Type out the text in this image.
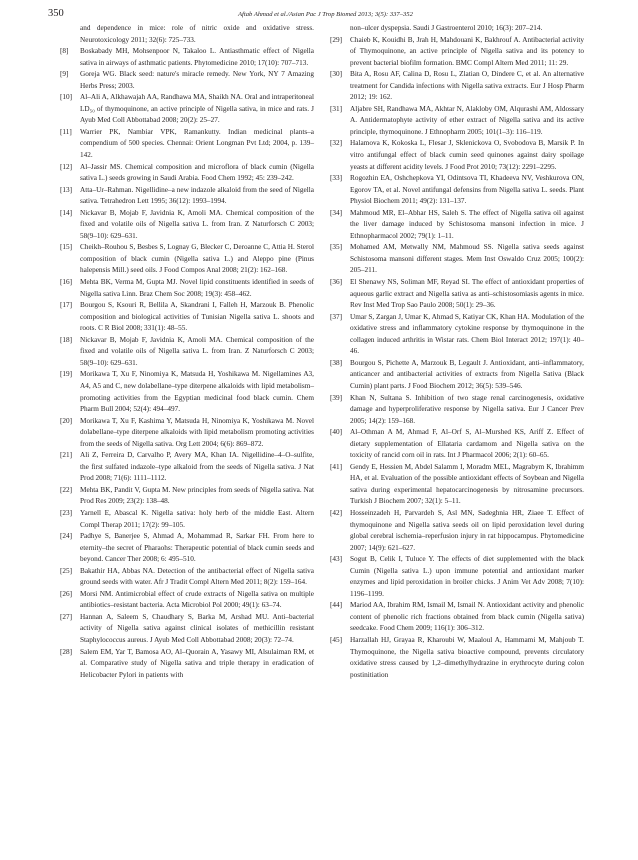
350	Aftab Ahmad et al./Asian Pac J Trop Biomed 2013; 3(5): 337–352

and dependence in mice: role of nitric oxide and oxidative stress. Neurotoxicology 2011; 32(6): 725–733.

[8] Boskabady MH, Mohsenpoor N, Takaloo L. Antiasthmatic effect of Nigella sativa in airways of asthmatic patients. Phytomedicine 2010; 17(10): 707–713.

[9] Goreja WG. Black seed: nature's miracle remedy. New York, NY 7 Amazing Herbs Press; 2003.

[10] Al–Ali A, Alkhawajah AA, Randhawa MA, Shaikh NA. Oral and intraperitoneal LD₅₀ of thymoquinone, an active principle of Nigella sativa, in mice and rats. J Ayub Med Coll Abbottabad 2008; 20(2): 25–27.

[11] Warrier PK, Nambiar VPK, Ramankutty. Indian medicinal plants–a compendium of 500 species. Chennai: Orient Longman Pvt Ltd; 2004, p. 139–142.

[12] Al–Jassir MS. Chemical composition and microflora of black cumin (Nigella sativa L.) seeds growing in Saudi Arabia. Food Chem 1992; 45: 239–242.

[13] Atta–Ur–Rahman. Nigellidine–a new indazole alkaloid from the seed of Nigella sativa. Tetrahedron Lett 1995; 36(12): 1993–1994.

[14] Nickavar B, Mojab F, Javidnia K, Amoli MA. Chemical composition of the fixed and volatile oils of Nigella sativa L. from Iran. Z Naturforsch C 2003; 58(9–10): 629–631.

[15] Cheikh–Rouhou S, Besbes S, Lognay G, Blecker C, Deroanne C, Attia H. Sterol composition of black cumin (Nigella sativa L.) and Aleppo pine (Pinus halepensis Mill.) seed oils. J Food Compos Anal 2008; 21(2): 162–168.

[16] Mehta BK, Verma M, Gupta MJ. Novel lipid constituents identified in seeds of Nigella sativa Linn. Braz Chem Soc 2008; 19(3): 458–462.

[17] Bourgou S, Ksouri R, Bellila A, Skandrani I, Falleh H, Marzouk B. Phenolic composition and biological activities of Tunisian Nigella sativa L. shoots and roots. C R Biol 2008; 331(1): 48–55.

[18] Nickavar B, Mojab F, Javidnia K, Amoli MA. Chemical composition of the fixed and volatile oils of Nigella sativa L. from Iran. Z Naturforsch C 2003; 58(9–10): 629–631.

[19] Morikawa T, Xu F, Ninomiya K, Matsuda H, Yoshikawa M. Nigellamines A3, A4, A5 and C, new dolabellane–type diterpene alkaloids with lipid metabolism–promoting activities from the Egyptian medicinal food black cumin. Chem Pharm Bull 2004; 52(4): 494–497.

[20] Morikawa T, Xu F, Kashima Y, Matsuda H, Ninomiya K, Yoshikawa M. Novel dolabellane–type diterpene alkaloids with lipid metabolism promoting activities from the seeds of Nigella sativa. Org Lett 2004; 6(6): 869–872.

[21] Ali Z, Ferreira D, Carvalho P, Avery MA, Khan IA. Nigellidine–4–O–sulfite, the first sulfated indazole–type alkaloid from the seeds of Nigella sativa. J Nat Prod 2008; 71(6): 1111–1112.

[22] Mehta BK, Pandit V, Gupta M. New principles from seeds of Nigella sativa. Nat Prod Res 2009; 23(2): 138–48.

[23] Yarnell E, Abascal K. Nigella sativa: holy herb of the middle East. Altern Compl Therap 2011; 17(2): 99–105.

[24] Padhye S, Banerjee S, Ahmad A, Mohammad R, Sarkar FH. From here to eternity–the secret of Pharaohs: Therapeutic potential of black cumin seeds and beyond. Cancer Ther 2008; 6: 495–510.

[25] Bakathir HA, Abbas NA. Detection of the antibacterial effect of Nigella sativa ground seeds with water. Afr J Tradit Compl Altern Med 2011; 8(2): 159–164.

[26] Morsi NM. Antimicrobial effect of crude extracts of Nigella sativa on multiple antibiotics–resistant bacteria. Acta Microbiol Pol 2000; 49(1): 63–74.

[27] Hannan A, Saleem S, Chaudhary S, Barka M, Arshad MU. Anti–bacterial activity of Nigella sativa against clinical isolates of methicillin resistant Staphylococcus aureus. J Ayub Med Coll Abbottabad 2008; 20(3): 72–74.

[28] Salem EM, Yar T, Bamosa AO, Al–Quorain A, Yasawy MI, Alsulaiman RM, et al. Comparative study of Nigella sativa and triple therapy in eradication of Helicobacter Pylori in patients with

non–ulcer dyspepsia. Saudi J Gastroenterol 2010; 16(3): 207–214.

[29] Chaieb K, Kouidhi B, Jrah H, Mahdouani K, Bakhrouf A. Antibacterial activity of Thymoquinone, an active principle of Nigella sativa and its potency to prevent bacterial biofilm formation. BMC Compl Altern Med 2011; 11: 29.

[30] Bita A, Rosu AF, Calina D, Rosu L, Zlatian O, Dindere C, et al. An alternative treatment for Candida infections with Nigella sativa extracts. Eur J Hosp Pharm 2012; 19: 162.

[31] Aljabre SH, Randhawa MA, Akhtar N, Alakloby OM, Alqurashi AM, Aldossary A. Antidermatophyte activity of ether extract of Nigella sativa and its active principle, thymoquinone. J Ethnopharm 2005; 101(1–3): 116–119.

[32] Halamova K, Kokoska L, Flesar J, Sklenickova O, Svobodova B, Marsik P. In vitro antifungal effect of black cumin seed quinones against dairy spoilage yeasts at different acidity levels. J Food Prot 2010; 73(12): 2291–2295.

[33] Rogozhin EA, Oshchepkova YI, Odintsova TI, Khadeeva NV, Veshkurova ON, Egorov TA, et al. Novel antifungal defensins from Nigella sativa L. seeds. Plant Physiol Biochem 2011; 49(2): 131–137.

[34] Mahmoud MR, El–Abhar HS, Saleh S. The effect of Nigella sativa oil against the liver damage induced by Schistosoma mansoni infection in mice. J Ethnopharmacol 2002; 79(1): 1–11.

[35] Mohamed AM, Metwally NM, Mahmoud SS. Nigella sativa seeds against Schistosoma mansoni different stages. Mem Inst Oswaldo Cruz 2005; 100(2): 205–211.

[36] El Shenawy NS, Soliman MF, Reyad SI. The effect of antioxidant properties of aqueous garlic extract and Nigella sativa as anti–schistosomiasis agents in mice. Rev Inst Med Trop Sao Paulo 2008; 50(1): 29–36.

[37] Umar S, Zargan J, Umar K, Ahmad S, Katiyar CK, Khan HA. Modulation of the oxidative stress and inflammatory cytokine response by thymoquinone in the collagen induced arthritis in Wistar rats. Chem Biol Interact 2012; 197(1): 40–46.

[38] Bourgou S, Pichette A, Marzouk B, Legault J. Antioxidant, anti–inflammatory, anticancer and antibacterial activities of extracts from Nigella Sativa (Black Cumin) plant parts. J Food Biochem 2012; 36(5): 539–546.

[39] Khan N, Sultana S. Inhibition of two stage renal carcinogenesis, oxidative damage and hyperproliferative response by Nigella sativa. Eur J Cancer Prev 2005; 14(2): 159–168.

[40] Al–Othman A M, Ahmad F, Al–Orf S, Al–Murshed KS, Ariff Z. Effect of dietary supplementation of Ellataria cardamom and Nigella sativa on the toxicity of rancid corn oil in rats. Int J Pharmacol 2006; 2(1): 60–65.

[41] Gendy E, Hessien M, Abdel Salamm I, Moradm MEL, Magrabym K, Ibrahimm HA, et al. Evaluation of the possible antioxidant effects of Soybean and Nigella sativa during experimental hepatocarcinogenesis by nitrosamine precursors. Turkish J Biochem 2007; 32(1): 5–11.

[42] Hosseinzadeh H, Parvardeh S, Asl MN, Sadeghnia HR, Ziaee T. Effect of thymoquinone and Nigella sativa seeds oil on lipid peroxidation level during global cerebral ischemia–reperfusion injury in rat hippocampus. Phytomedicine 2007; 14(9): 621–627.

[43] Sogut B, Celik I, Tuluce Y. The effects of diet supplemented with the black Cumin (Nigella sativa L.) upon immune potential and antioxidant marker enzymes and lipid peroxidation in broiler chicks. J Anim Vet Adv 2008; 7(10): 1196–1199.

[44] Mariod AA, Ibrahim RM, Ismail M, Ismail N. Antioxidant activity and phenolic content of phenolic rich fractions obtained from black cumin (Nigella sativa) seedcake. Food Chem 2009; 116(1): 306–312.

[45] Harzallah HJ, Grayaa R, Kharoubi W, Maaloul A, Hammami M, Mahjoub T. Thymoquinone, the Nigella sativa bioactive compound, prevents circulatory oxidative stress caused by 1,2–dimethylhydrazine in erythrocyte during colon postinitiation
